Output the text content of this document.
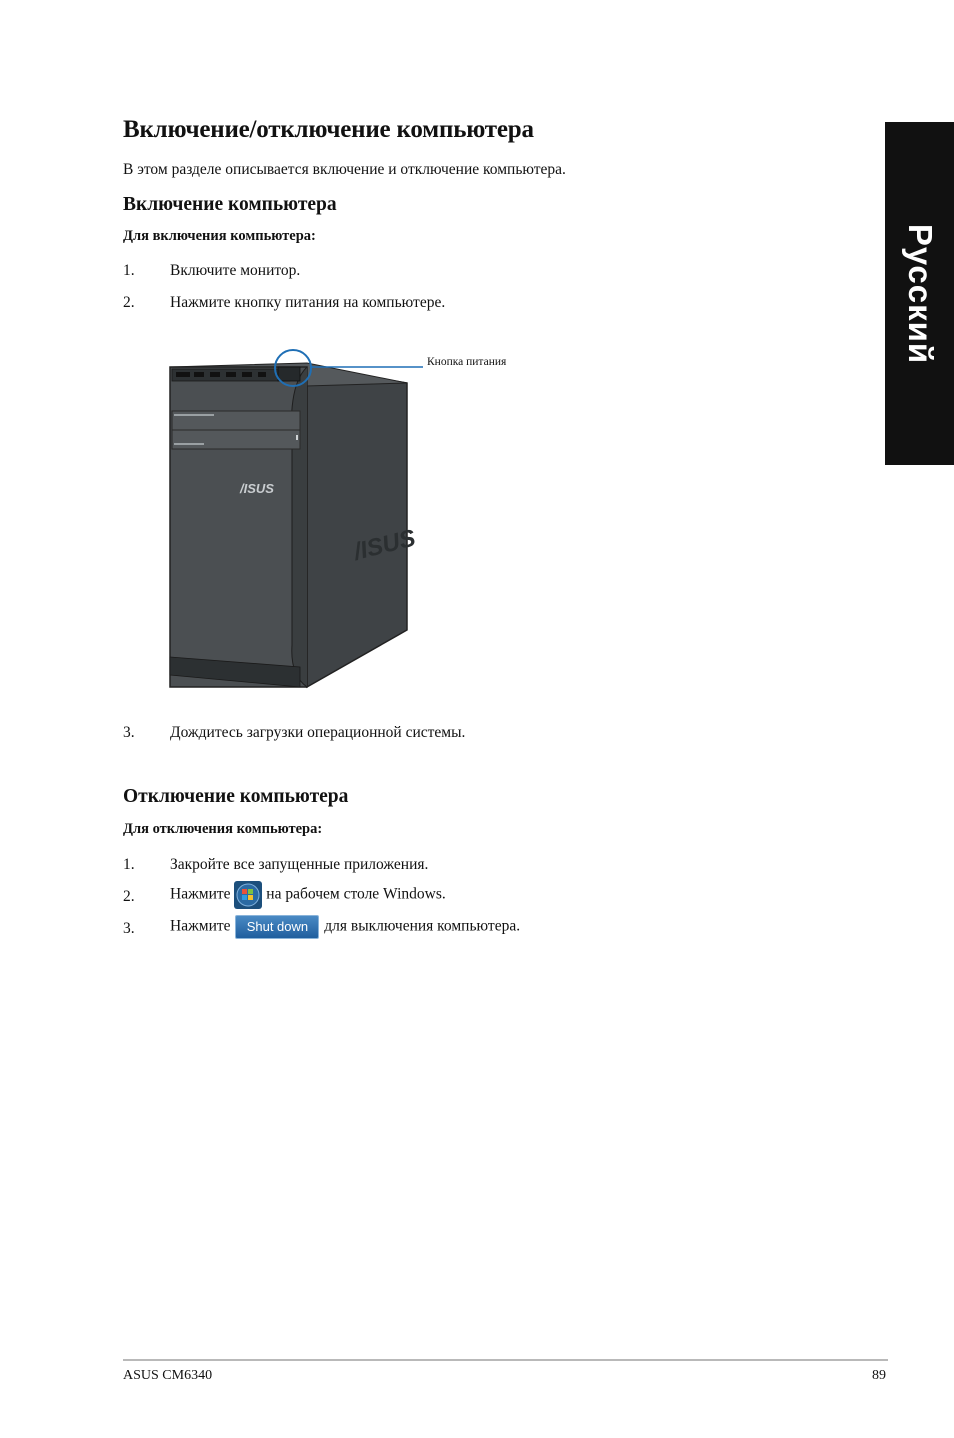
Русский
Включение/отключение компьютера
В этом разделе описывается включение и отключение компьютера.
Включение компьютера
Для включения компьютера:
1. Включите монитор.
2. Нажмите кнопку питания на компьютере.
/ISUS
/ISUS
Кнопка питания
3. Дождитесь загрузки операционной системы.
Отключение компьютера
Для отключения компьютера:
1. Закройте все запущенные приложения.
2. Нажмите на рабочем столе Windows.
3. Нажмите Shut down для выключения компьютера.
ASUS CM6340	89
